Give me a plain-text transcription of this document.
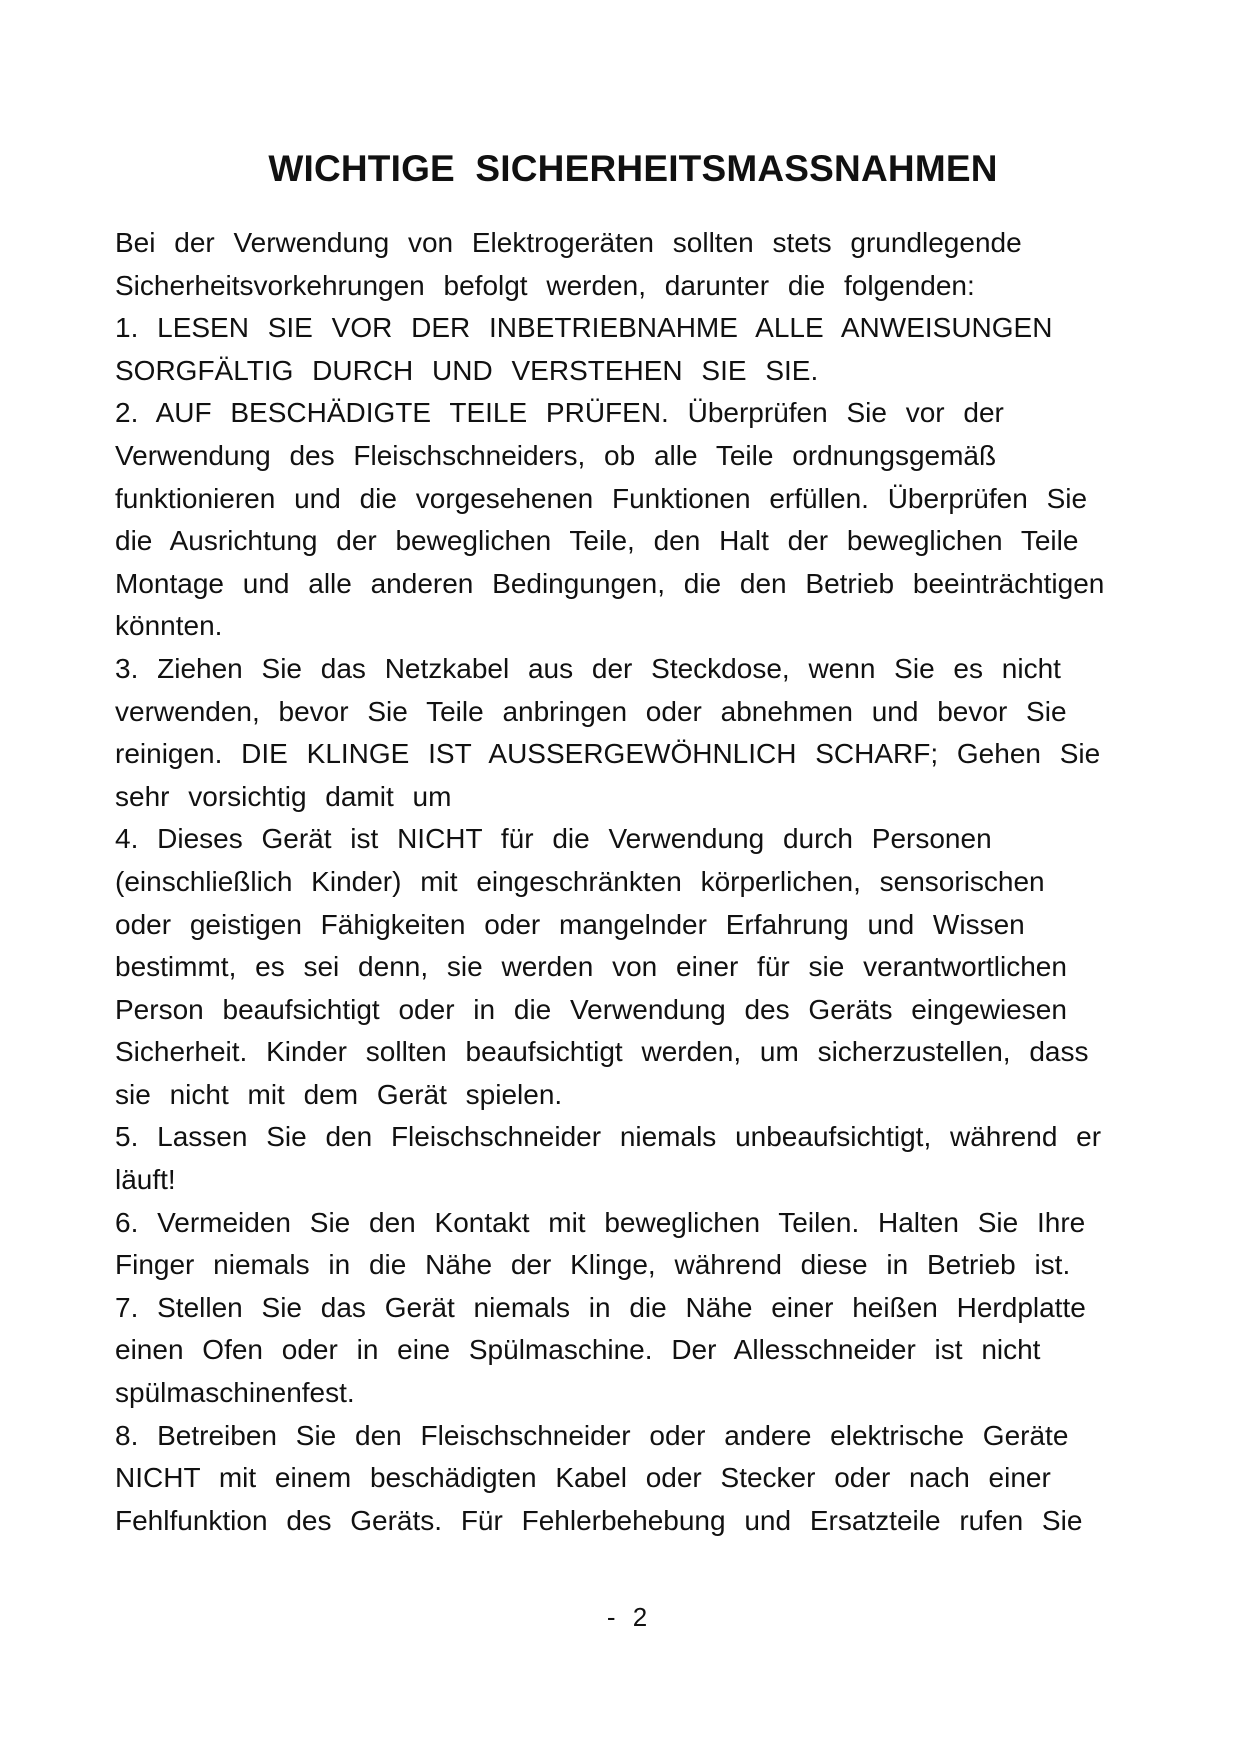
WICHTIGE SICHERHEITSMASSNAHMEN
Bei der Verwendung von Elektrogeräten sollten stets grundlegende
Sicherheitsvorkehrungen befolgt werden, darunter die folgenden:
1. LESEN SIE VOR DER INBETRIEBNAHME ALLE ANWEISUNGEN
SORGFÄLTIG DURCH UND VERSTEHEN SIE SIE.
2. AUF BESCHÄDIGTE TEILE PRÜFEN. Überprüfen Sie vor der
Verwendung des Fleischschneiders, ob alle Teile ordnungsgemäß
funktionieren und die vorgesehenen Funktionen erfüllen. Überprüfen Sie
die Ausrichtung der beweglichen Teile, den Halt der beweglichen Teile
Montage und alle anderen Bedingungen, die den Betrieb beeinträchtigen
könnten.
3. Ziehen Sie das Netzkabel aus der Steckdose, wenn Sie es nicht
verwenden, bevor Sie Teile anbringen oder abnehmen und bevor Sie
reinigen. DIE KLINGE IST AUSSERGEWÖHNLICH SCHARF; Gehen Sie
sehr vorsichtig damit um
4. Dieses Gerät ist NICHT für die Verwendung durch Personen
(einschließlich Kinder) mit eingeschränkten körperlichen, sensorischen
oder geistigen Fähigkeiten oder mangelnder Erfahrung und Wissen
bestimmt, es sei denn, sie werden von einer für sie verantwortlichen
Person beaufsichtigt oder in die Verwendung des Geräts eingewiesen
Sicherheit. Kinder sollten beaufsichtigt werden, um sicherzustellen, dass
sie nicht mit dem Gerät spielen.
5. Lassen Sie den Fleischschneider niemals unbeaufsichtigt, während er
läuft!
6. Vermeiden Sie den Kontakt mit beweglichen Teilen. Halten Sie Ihre
Finger niemals in die Nähe der Klinge, während diese in Betrieb ist.
7. Stellen Sie das Gerät niemals in die Nähe einer heißen Herdplatte
einen Ofen oder in eine Spülmaschine. Der Allesschneider ist nicht
spülmaschinenfest.
8. Betreiben Sie den Fleischschneider oder andere elektrische Geräte
NICHT mit einem beschädigten Kabel oder Stecker oder nach einer
Fehlfunktion des Geräts. Für Fehlerbehebung und Ersatzteile rufen Sie
- 2
